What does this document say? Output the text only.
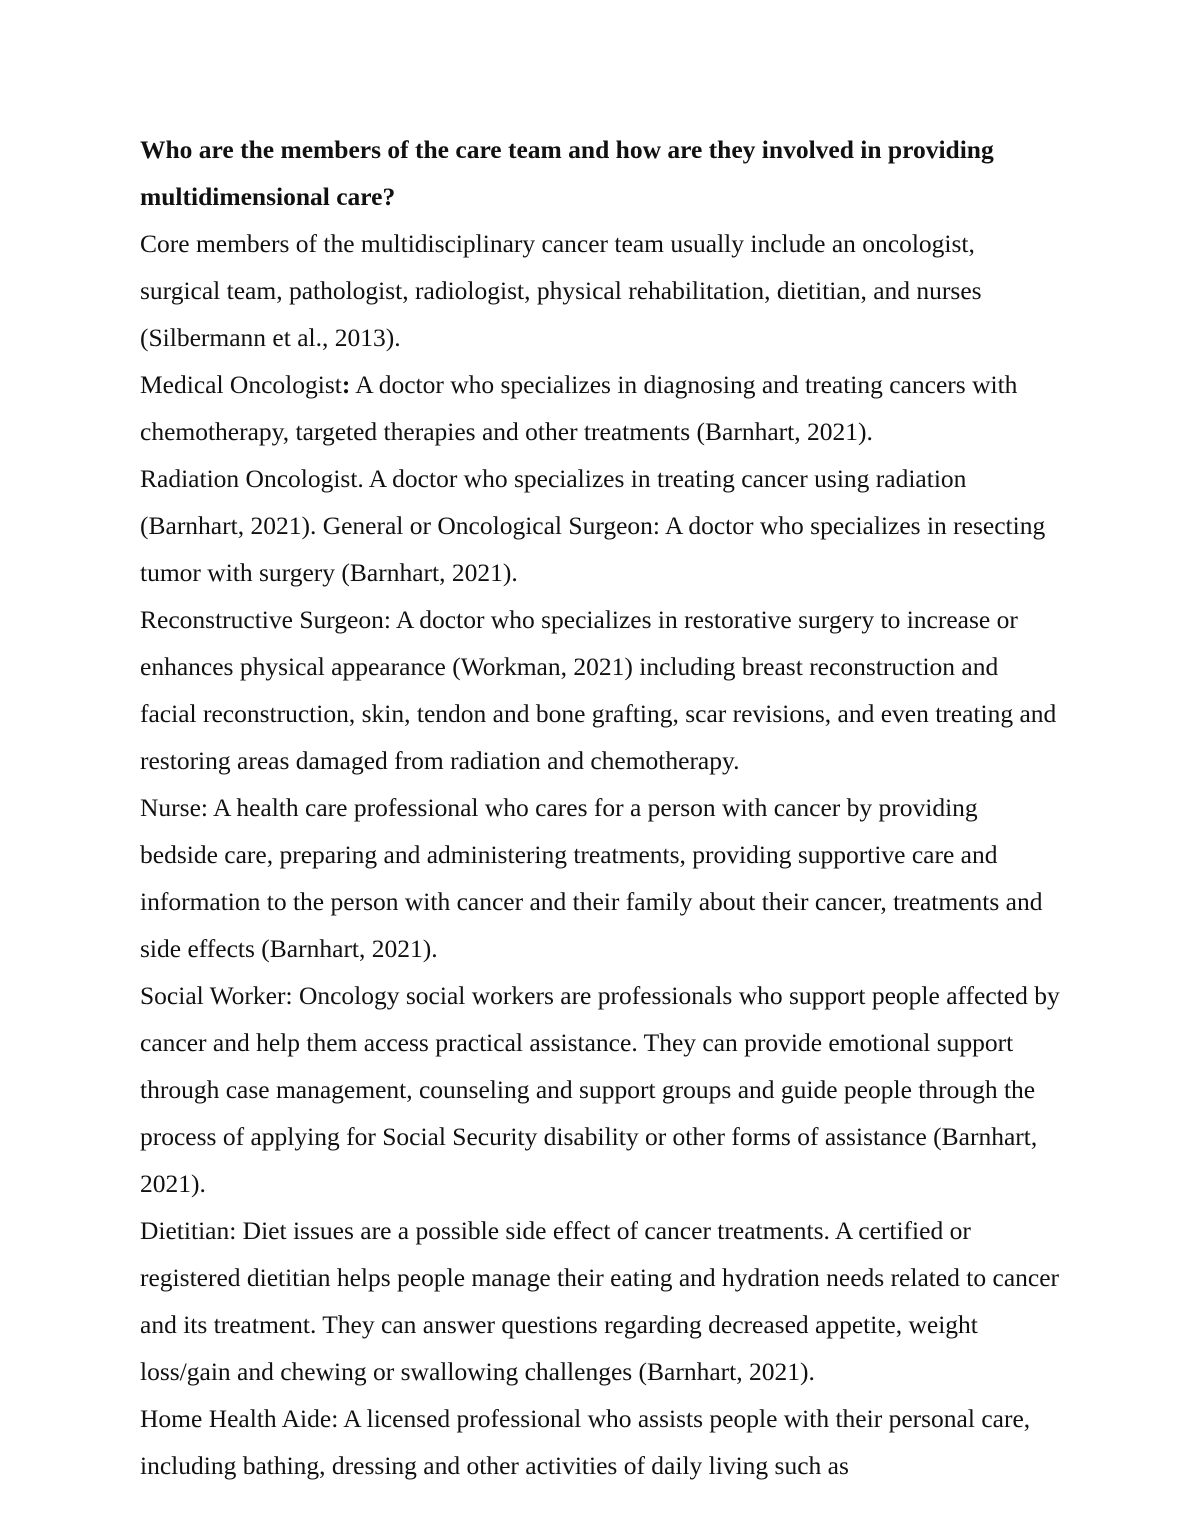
Who are the members of the care team and how are they involved in providing multidimensional care?

Core members of the multidisciplinary cancer team usually include an oncologist, surgical team, pathologist, radiologist, physical rehabilitation, dietitian, and nurses (Silbermann et al., 2013).

Medical Oncologist: A doctor who specializes in diagnosing and treating cancers with chemotherapy, targeted therapies and other treatments (Barnhart, 2021).

Radiation Oncologist. A doctor who specializes in treating cancer using radiation (Barnhart, 2021). General or Oncological Surgeon: A doctor who specializes in resecting tumor with surgery (Barnhart, 2021).

Reconstructive Surgeon: A doctor who specializes in restorative surgery to increase or enhances physical appearance (Workman, 2021) including breast reconstruction and facial reconstruction, skin, tendon and bone grafting, scar revisions, and even treating and restoring areas damaged from radiation and chemotherapy.

Nurse: A health care professional who cares for a person with cancer by providing bedside care, preparing and administering treatments, providing supportive care and information to the person with cancer and their family about their cancer, treatments and side effects (Barnhart, 2021).

Social Worker: Oncology social workers are professionals who support people affected by cancer and help them access practical assistance. They can provide emotional support through case management, counseling and support groups and guide people through the process of applying for Social Security disability or other forms of assistance (Barnhart, 2021).

Dietitian: Diet issues are a possible side effect of cancer treatments. A certified or registered dietitian helps people manage their eating and hydration needs related to cancer and its treatment. They can answer questions regarding decreased appetite, weight loss/gain and chewing or swallowing challenges (Barnhart, 2021).

Home Health Aide: A licensed professional who assists people with their personal care, including bathing, dressing and other activities of daily living such as
